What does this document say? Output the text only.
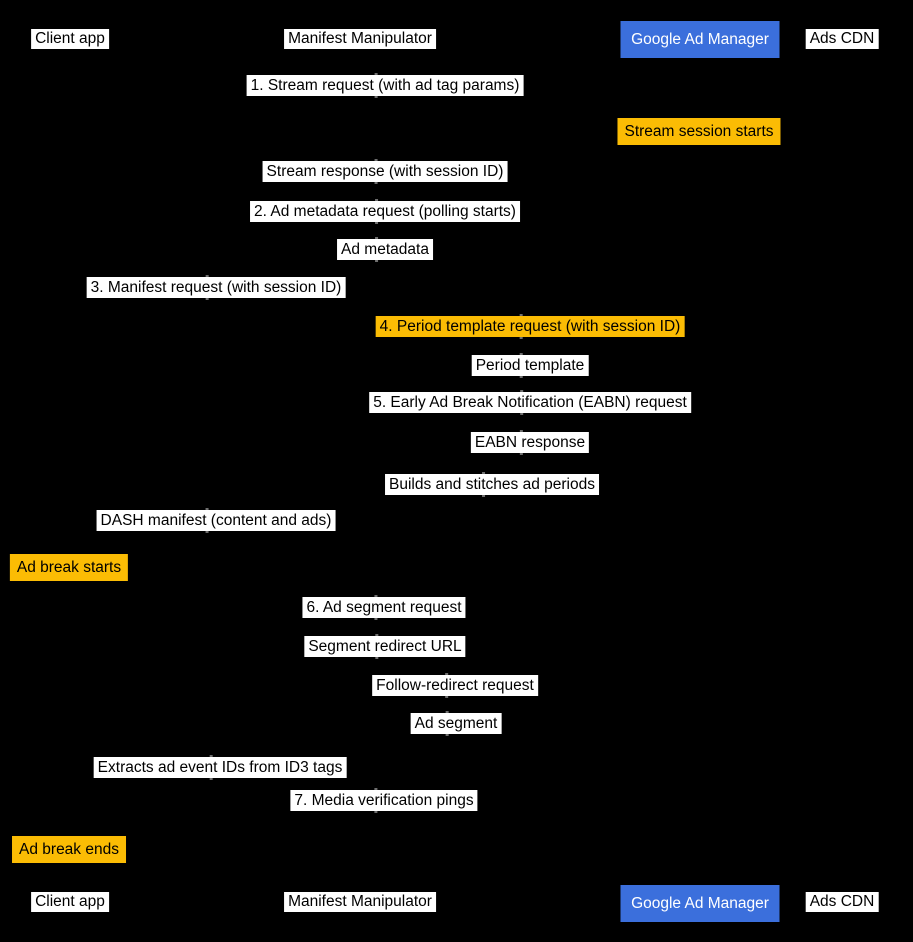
Client app	Manifest Manipulator	Google Ad Manager	Ads CDN
Client app	Manifest Manipulator	Google Ad Manager	Ads CDN
1. Stream request (with ad tag params)
Stream session starts
Stream response (with session ID)
2. Ad metadata request (polling starts)
Ad metadata
3. Manifest request (with session ID)
4. Period template request (with session ID)
Period template
5. Early Ad Break Notification (EABN) request
EABN response
Builds and stitches ad periods
DASH manifest (content and ads)
Ad break starts
6. Ad segment request
Segment redirect URL
Follow-redirect request
Ad segment
Extracts ad event IDs from ID3 tags
7. Media verification pings
Ad break ends
